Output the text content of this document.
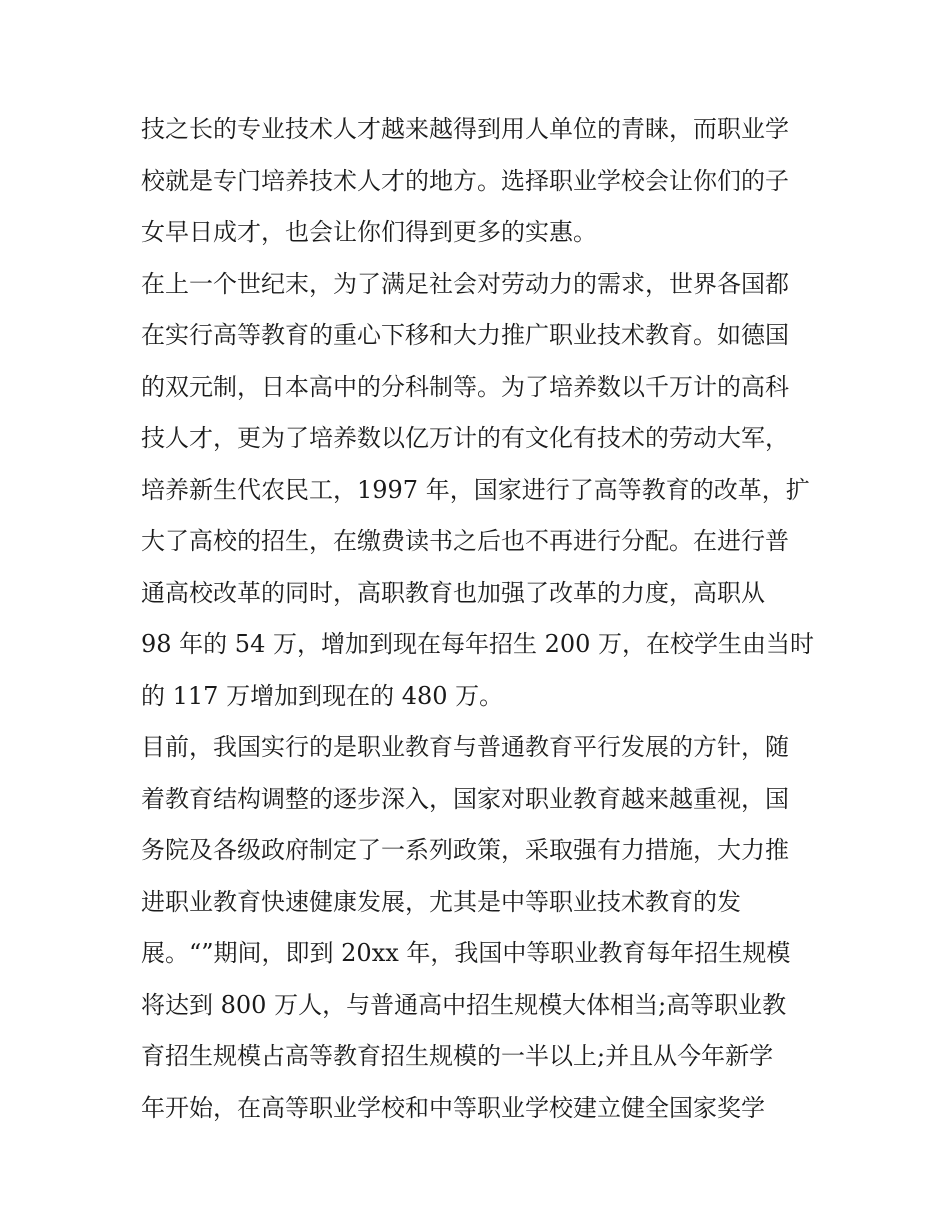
技之长的专业技术人才越来越得到用人单位的青睐，而职业学
校就是专门培养技术人才的地方。选择职业学校会让你们的子
女早日成才，也会让你们得到更多的实惠。

在上一个世纪末，为了满足社会对劳动力的需求，世界各国都
在实行高等教育的重心下移和大力推广职业技术教育。如德国
的双元制，日本高中的分科制等。为了培养数以千万计的高科
技人才，更为了培养数以亿万计的有文化有技术的劳动大军，
培养新生代农民工，1997 年，国家进行了高等教育的改革，扩
大了高校的招生，在缴费读书之后也不再进行分配。在进行普
通高校改革的同时，高职教育也加强了改革的力度，高职从
98 年的 54 万，增加到现在每年招生 200 万，在校学生由当时
的 117 万增加到现在的 480 万。

目前，我国实行的是职业教育与普通教育平行发展的方针，随
着教育结构调整的逐步深入，国家对职业教育越来越重视，国
务院及各级政府制定了一系列政策，采取强有力措施，大力推
进职业教育快速健康发展，尤其是中等职业技术教育的发
展。“”期间，即到 20xx 年，我国中等职业教育每年招生规模
将达到 800 万人，与普通高中招生规模大体相当;高等职业教
育招生规模占高等教育招生规模的一半以上;并且从今年新学
年开始，在高等职业学校和中等职业学校建立健全国家奖学
